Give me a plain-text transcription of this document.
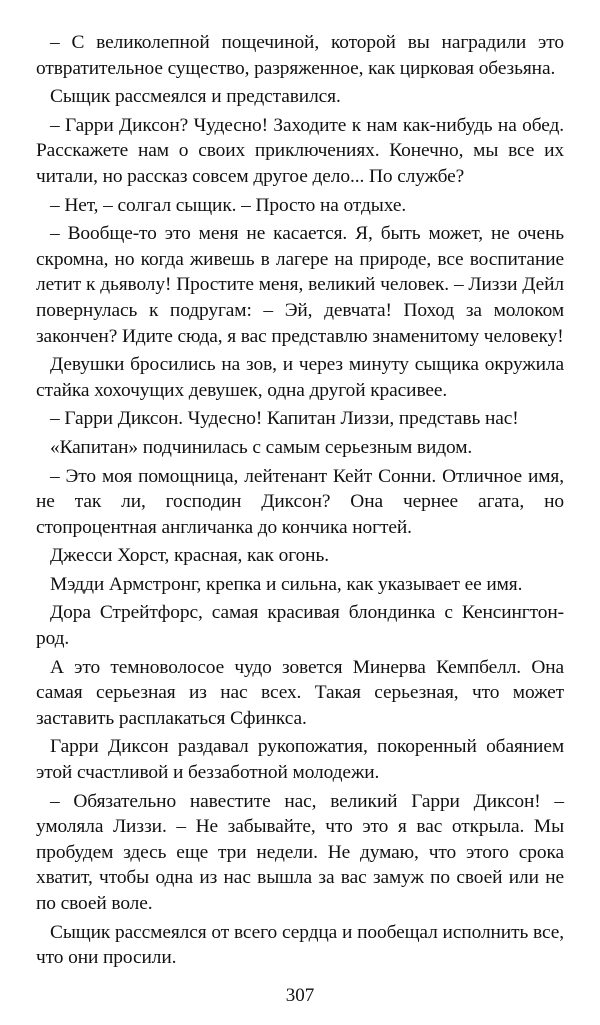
– С великолепной пощечиной, которой вы наградили это отвратительное существо, разряженное, как цирковая обезьяна.

Сыщик рассмеялся и представился.

– Гарри Диксон? Чудесно! Заходите к нам как-нибудь на обед. Расскажете нам о своих приключениях. Конечно, мы все их читали, но рассказ совсем другое дело... По службе?

– Нет, – солгал сыщик. – Просто на отдыхе.

– Вообще-то это меня не касается. Я, быть может, не очень скромна, но когда живешь в лагере на природе, все воспитание летит к дьяволу! Простите меня, великий человек. – Лиззи Дейл повернулась к подругам: – Эй, девчата! Поход за молоком закончен? Идите сюда, я вас представлю знаменитому человеку!

Девушки бросились на зов, и через минуту сыщика окружила стайка хохочущих девушек, одна другой красивее.

– Гарри Диксон. Чудесно! Капитан Лиззи, представь нас!

«Капитан» подчинилась с самым серьезным видом.

– Это моя помощница, лейтенант Кейт Сонни. Отличное имя, не так ли, господин Диксон? Она чернее агата, но стопроцентная англичанка до кончика ногтей.

Джесси Хорст, красная, как огонь.

Мэдди Армстронг, крепка и сильна, как указывает ее имя.

Дора Стрейтфорс, самая красивая блондинка с Кенсингтон-род.

А это темноволосое чудо зовется Минерва Кемпбелл. Она самая серьезная из нас всех. Такая серьезная, что может заставить расплакаться Сфинкса.

Гарри Диксон раздавал рукопожатия, покоренный обаянием этой счастливой и беззаботной молодежи.

– Обязательно навестите нас, великий Гарри Диксон! – умоляла Лиззи. – Не забывайте, что это я вас открыла. Мы пробудем здесь еще три недели. Не думаю, что этого срока хватит, чтобы одна из нас вышла за вас замуж по своей или не по своей воле.

Сыщик рассмеялся от всего сердца и пообещал исполнить все, что они просили.

307
